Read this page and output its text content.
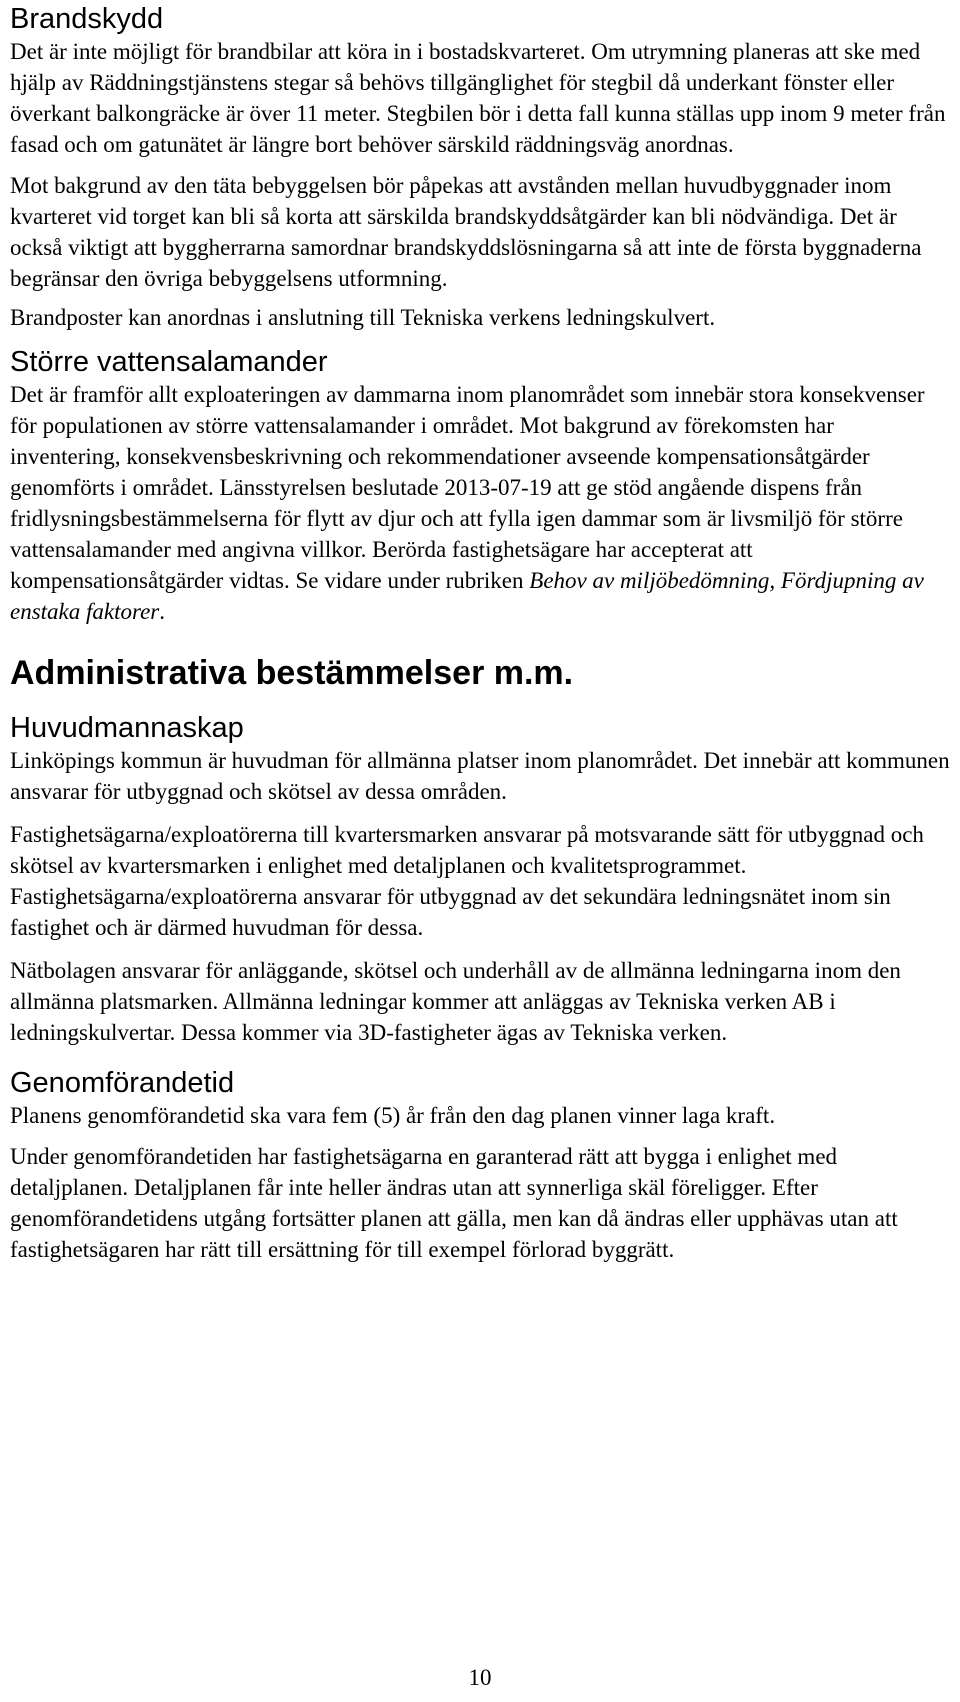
Brandskydd

Det är inte möjligt för brandbilar att köra in i bostadskvarteret. Om utrymning planeras att ske med hjälp av Räddningstjänstens stegar så behövs tillgänglighet för stegbil då underkant fönster eller överkant balkongräcke är över 11 meter. Stegbilen bör i detta fall kunna ställas upp inom 9 meter från fasad och om gatunätet är längre bort behöver särskild räddningsväg anordnas.

Mot bakgrund av den täta bebyggelsen bör påpekas att avstånden mellan huvudbyggnader inom kvarteret vid torget kan bli så korta att särskilda brandskyddsåtgärder kan bli nödvändiga. Det är också viktigt att byggherrarna samordnar brandskyddslösningarna så att inte de första byggnaderna begränsar den övriga bebyggelsens utformning.

Brandposter kan anordnas i anslutning till Tekniska verkens ledningskulvert.

Större vattensalamander

Det är framför allt exploateringen av dammarna inom planområdet som innebär stora konsekvenser för populationen av större vattensalamander i området. Mot bakgrund av förekomsten har inventering, konsekvensbeskrivning och rekommendationer avseende kompensationsåtgärder genomförts i området. Länsstyrelsen beslutade 2013-07-19 att ge stöd angående dispens från fridlysningsbestämmelserna för flytt av djur och att fylla igen dammar som är livsmiljö för större vattensalamander med angivna villkor. Berörda fastighetsägare har accepterat att kompensationsåtgärder vidtas. Se vidare under rubriken Behov av miljöbedömning, Fördjupning av enstaka faktorer.

Administrativa bestämmelser m.m.
Huvudmannaskap

Linköpings kommun är huvudman för allmänna platser inom planområdet. Det innebär att kommunen ansvarar för utbyggnad och skötsel av dessa områden.

Fastighetsägarna/exploatörerna till kvartersmarken ansvarar på motsvarande sätt för utbyggnad och skötsel av kvartersmarken i enlighet med detaljplanen och kvalitetsprogrammet. Fastighetsägarna/exploatörerna ansvarar för utbyggnad av det sekundära ledningsnätet inom sin fastighet och är därmed huvudman för dessa.

Nätbolagen ansvarar för anläggande, skötsel och underhåll av de allmänna ledningarna inom den allmänna platsmarken. Allmänna ledningar kommer att anläggas av Tekniska verken AB i ledningskulvertar. Dessa kommer via 3D-fastigheter ägas av Tekniska verken.

Genomförandetid

Planens genomförandetid ska vara fem (5) år från den dag planen vinner laga kraft.

Under genomförandetiden har fastighetsägarna en garanterad rätt att bygga i enlighet med detaljplanen. Detaljplanen får inte heller ändras utan att synnerliga skäl föreligger. Efter genomförandetidens utgång fortsätter planen att gälla, men kan då ändras eller upphävas utan att fastighetsägaren har rätt till ersättning för till exempel förlorad byggrätt.

10
